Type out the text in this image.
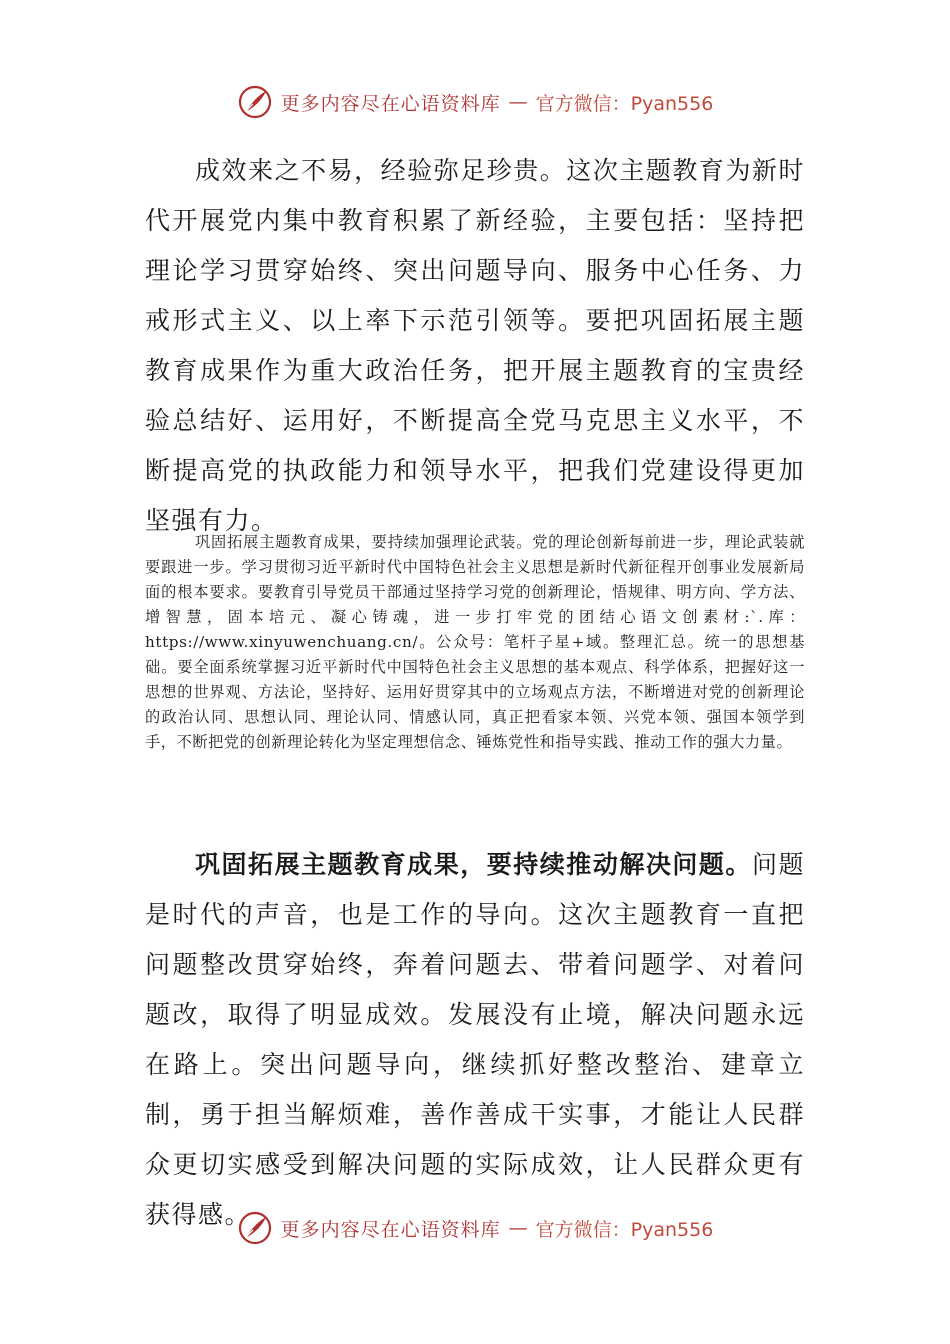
更多内容尽在心语资料库 — 官方微信：Pyan556

成效来之不易，经验弥足珍贵。这次主题教育为新时代开展党内集中教育积累了新经验，主要包括：坚持把理论学习贯穿始终、突出问题导向、服务中心任务、力戒形式主义、以上率下示范引领等。要把巩固拓展主题教育成果作为重大政治任务，把开展主题教育的宝贵经验总结好、运用好，不断提高全党马克思主义水平，不断提高党的执政能力和领导水平，把我们党建设得更加坚强有力。

巩固拓展主题教育成果，要持续加强理论武装。党的理论创新每前进一步，理论武装就要跟进一步。学习贯彻习近平新时代中国特色社会主义思想是新时代新征程开创事业发展新局面的根本要求。要教育引导党员干部通过坚持学习党的创新理论，悟规律、明方向、学方法、增智慧，固本培元、凝心铸魂，进一步打牢党的团结心语文创素材:`.库：https://www.xinyuwenchuang.cn/。公众号：笔杆子星+域。整理汇总。统一的思想基础。要全面系统掌握习近平新时代中国特色社会主义思想的基本观点、科学体系，把握好这一思想的世界观、方法论，坚持好、运用好贯穿其中的立场观点方法，不断增进对党的创新理论的政治认同、思想认同、理论认同、情感认同，真正把看家本领、兴党本领、强国本领学到手，不断把党的创新理论转化为坚定理想信念、锤炼党性和指导实践、推动工作的强大力量。

巩固拓展主题教育成果，要持续推动解决问题。问题是时代的声音，也是工作的导向。这次主题教育一直把问题整改贯穿始终，奔着问题去、带着问题学、对着问题改，取得了明显成效。发展没有止境，解决问题永远在路上。突出问题导向，继续抓好整改整治、建章立制，勇于担当解烦难，善作善成干实事，才能让人民群众更切实感受到解决问题的实际成效，让人民群众更有获得感。

更多内容尽在心语资料库 — 官方微信：Pyan556
